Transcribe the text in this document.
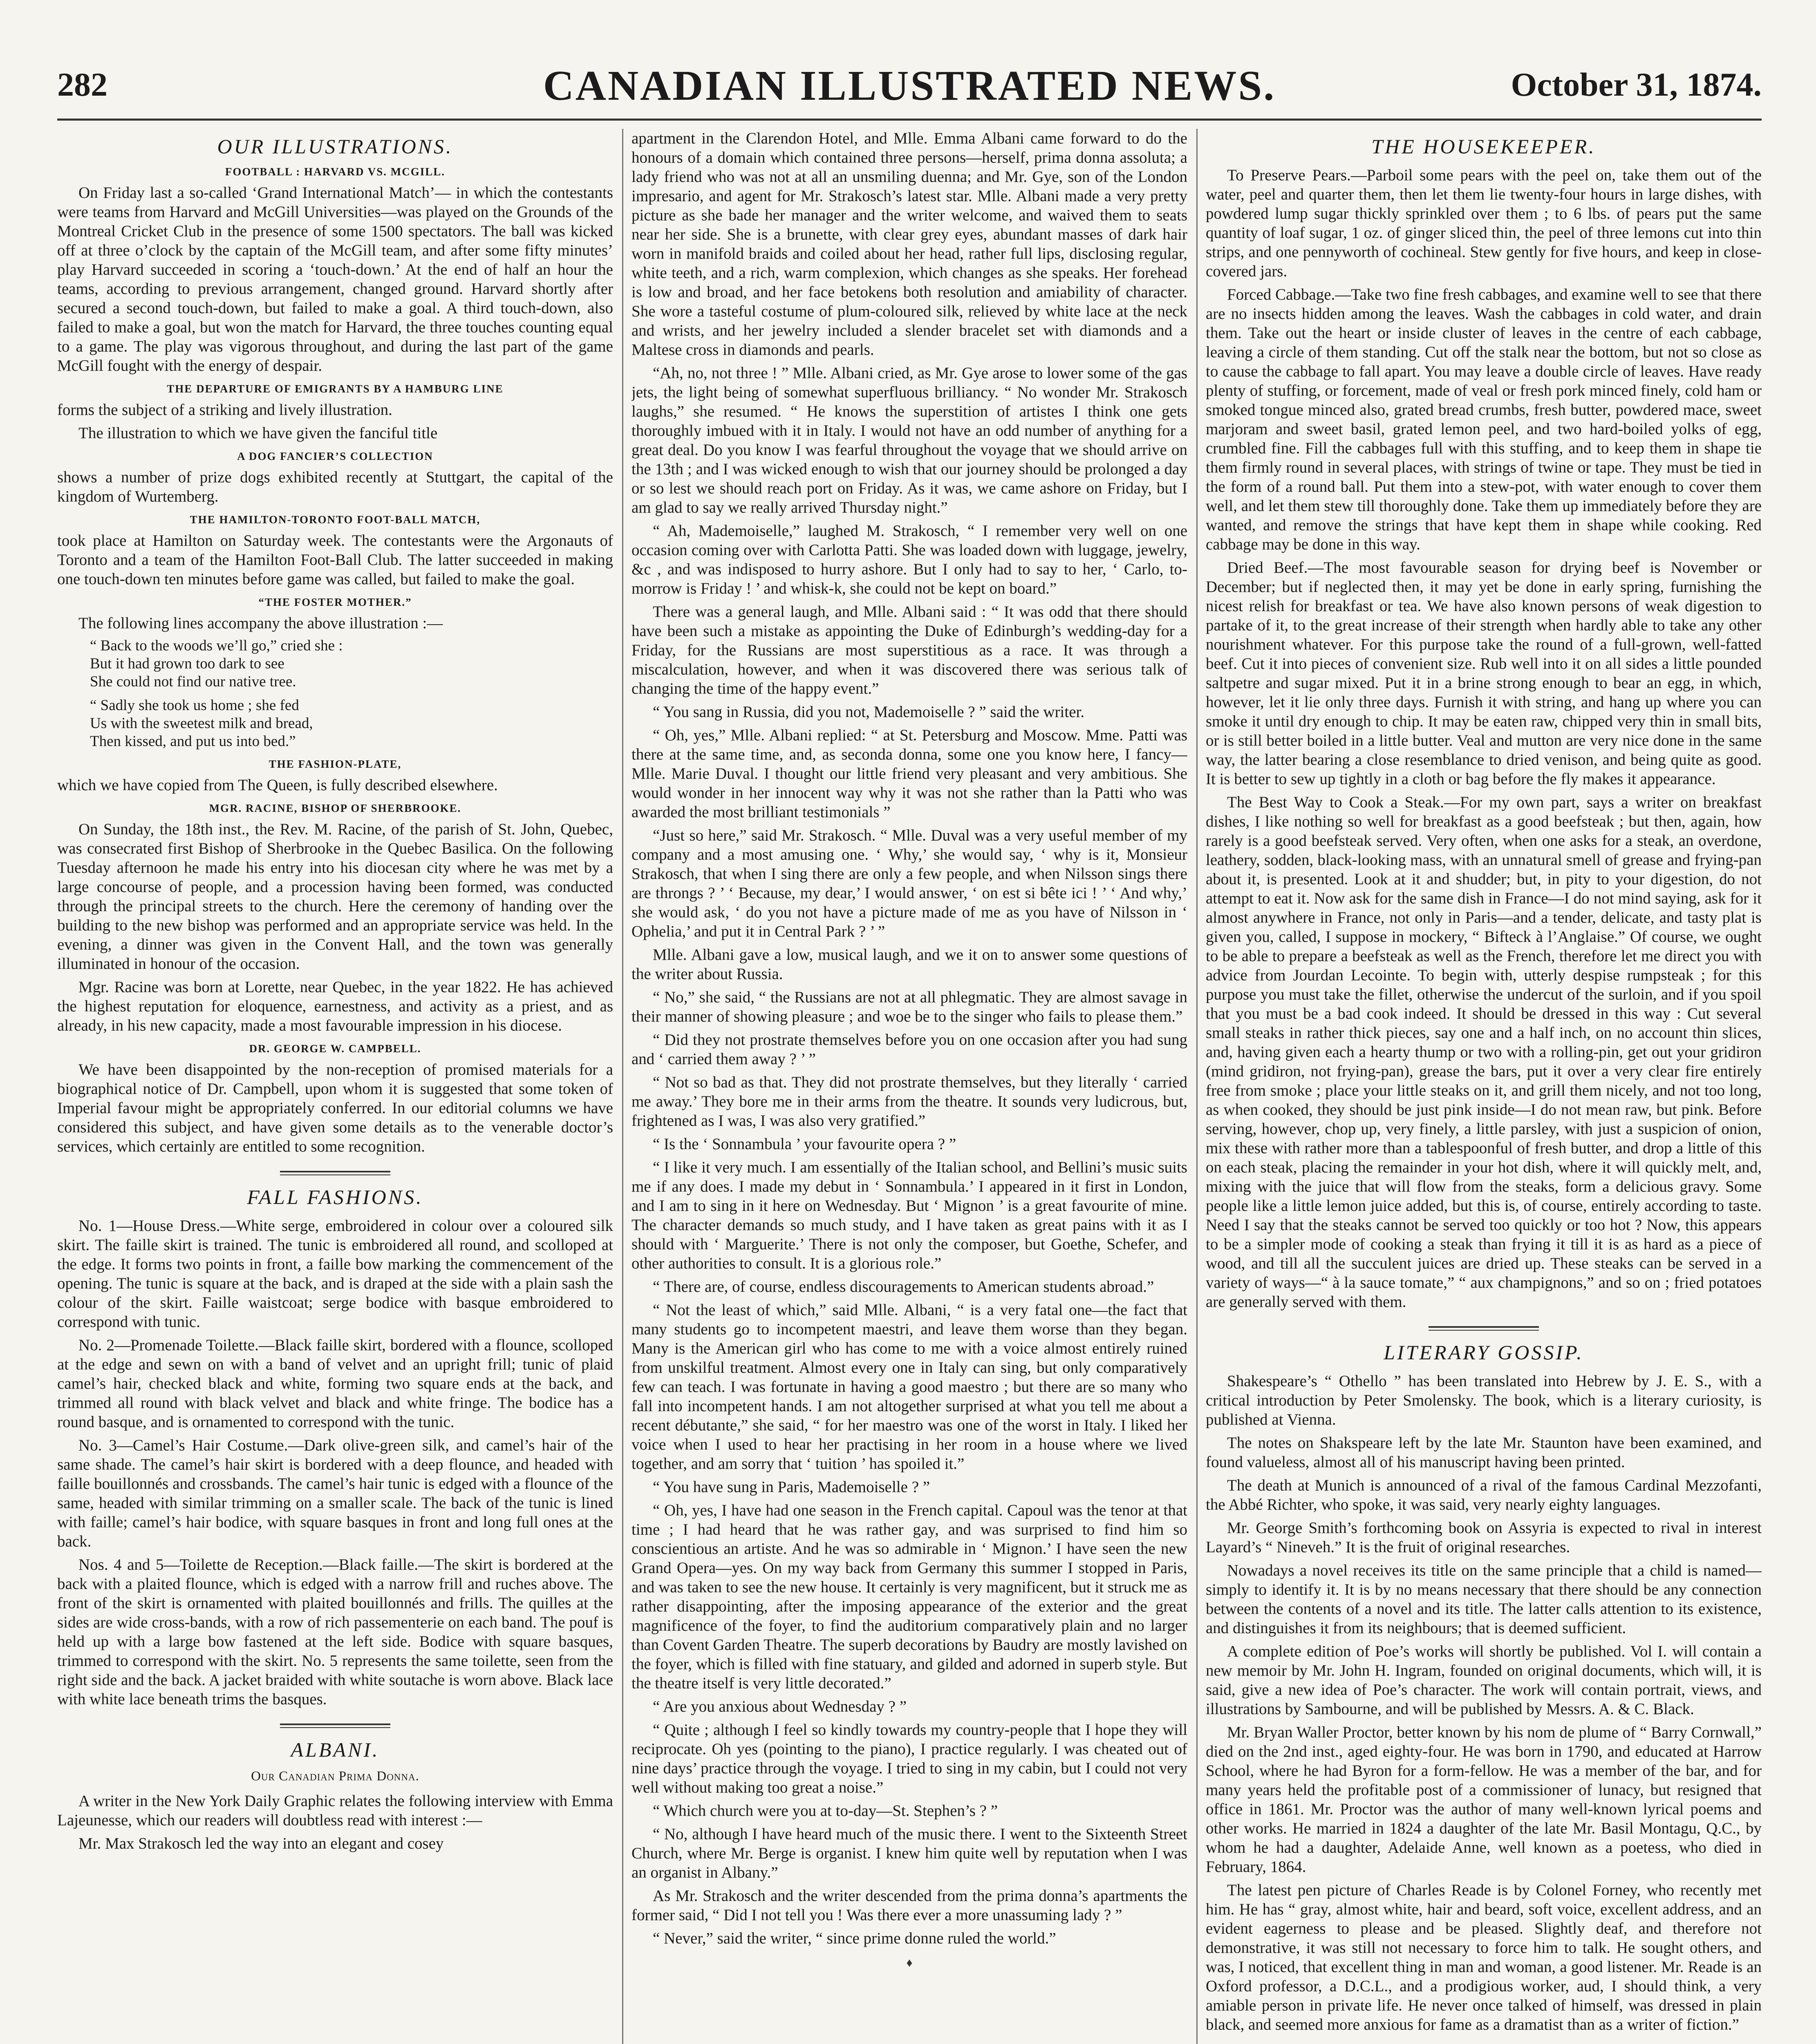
282	CANADIAN ILLUSTRATED NEWS.	October 31, 1874.
OUR ILLUSTRATIONS.
FOOTBALL : HARVARD VS. MCGILL.

On Friday last a so-called ‘Grand International Match’— in which the contestants were teams from Harvard and McGill Universities—was played on the Grounds of the Montreal Cricket Club in the presence of some 1500 spectators. The ball was kicked off at three o’clock by the captain of the McGill team, and after some fifty minutes’ play Harvard succeeded in scoring a ‘touch-down.’ At the end of half an hour the teams, according to previous arrangement, changed ground. Harvard shortly after secured a second touch-down, but failed to make a goal. A third touch-down, also failed to make a goal, but won the match for Harvard, the three touches counting equal to a game. The play was vigorous throughout, and during the last part of the game McGill fought with the energy of despair.

THE DEPARTURE OF EMIGRANTS BY A HAMBURG LINE

forms the subject of a striking and lively illustration.

The illustration to which we have given the fanciful title

A DOG FANCIER’S COLLECTION

shows a number of prize dogs exhibited recently at Stuttgart, the capital of the kingdom of Wurtemberg.

THE HAMILTON-TORONTO FOOT-BALL MATCH,

took place at Hamilton on Saturday week. The contestants were the Argonauts of Toronto and a team of the Hamilton Foot-Ball Club. The latter succeeded in making one touch-down ten minutes before game was called, but failed to make the goal.

“THE FOSTER MOTHER.”

The following lines accompany the above illustration :—

“ Back to the woods we’ll go,” cried she :
But it had grown too dark to see
She could not find our native tree.
“ Sadly she took us home ; she fed
Us with the sweetest milk and bread,
Then kissed, and put us into bed.”
THE FASHION-PLATE,

which we have copied from The Queen, is fully described elsewhere.

MGR. RACINE, BISHOP OF SHERBROOKE.

On Sunday, the 18th inst., the Rev. M. Racine, of the parish of St. John, Quebec, was consecrated first Bishop of Sherbrooke in the Quebec Basilica. On the following Tuesday afternoon he made his entry into his diocesan city where he was met by a large concourse of people, and a procession having been formed, was conducted through the principal streets to the church. Here the ceremony of handing over the building to the new bishop was performed and an appropriate service was held. In the evening, a dinner was given in the Convent Hall, and the town was generally illuminated in honour of the occasion.

Mgr. Racine was born at Lorette, near Quebec, in the year 1822. He has achieved the highest reputation for eloquence, earnestness, and activity as a priest, and as already, in his new capacity, made a most favourable impression in his diocese.

DR. GEORGE W. CAMPBELL.

We have been disappointed by the non-reception of promised materials for a biographical notice of Dr. Campbell, upon whom it is suggested that some token of Imperial favour might be appropriately conferred. In our editorial columns we have considered this subject, and have given some details as to the venerable doctor’s services, which certainly are entitled to some recognition.

FALL FASHIONS.

No. 1—House Dress.—White serge, embroidered in colour over a coloured silk skirt. The faille skirt is trained. The tunic is embroidered all round, and scolloped at the edge. It forms two points in front, a faille bow marking the commencement of the opening. The tunic is square at the back, and is draped at the side with a plain sash the colour of the skirt. Faille waistcoat; serge bodice with basque embroidered to correspond with tunic.

No. 2—Promenade Toilette.—Black faille skirt, bordered with a flounce, scolloped at the edge and sewn on with a band of velvet and an upright frill; tunic of plaid camel’s hair, checked black and white, forming two square ends at the back, and trimmed all round with black velvet and black and white fringe. The bodice has a round basque, and is ornamented to correspond with the tunic.

No. 3—Camel’s Hair Costume.—Dark olive-green silk, and camel’s hair of the same shade. The camel’s hair skirt is bordered with a deep flounce, and headed with faille bouillonnés and crossbands. The camel’s hair tunic is edged with a flounce of the same, headed with similar trimming on a smaller scale. The back of the tunic is lined with faille; camel’s hair bodice, with square basques in front and long full ones at the back.

Nos. 4 and 5—Toilette de Reception.—Black faille.—The skirt is bordered at the back with a plaited flounce, which is edged with a narrow frill and ruches above. The front of the skirt is ornamented with plaited bouillonnés and frills. The quilles at the sides are wide cross-bands, with a row of rich passementerie on each band. The pouf is held up with a large bow fastened at the left side. Bodice with square basques, trimmed to correspond with the skirt. No. 5 represents the same toilette, seen from the right side and the back. A jacket braided with white soutache is worn above. Black lace with white lace beneath trims the basques.

ALBANI.
Our Canadian Prima Donna.

A writer in the New York Daily Graphic relates the following interview with Emma Lajeunesse, which our readers will doubtless read with interest :—

Mr. Max Strakosch led the way into an elegant and cosey

apartment in the Clarendon Hotel, and Mlle. Emma Albani came forward to do the honours of a domain which contained three persons—herself, prima donna assoluta; a lady friend who was not at all an unsmiling duenna; and Mr. Gye, son of the London impresario, and agent for Mr. Strakosch’s latest star. Mlle. Albani made a very pretty picture as she bade her manager and the writer welcome, and waived them to seats near her side. She is a brunette, with clear grey eyes, abundant masses of dark hair worn in manifold braids and coiled about her head, rather full lips, disclosing regular, white teeth, and a rich, warm complexion, which changes as she speaks. Her forehead is low and broad, and her face betokens both resolution and amiability of character. She wore a tasteful costume of plum-coloured silk, relieved by white lace at the neck and wrists, and her jewelry included a slender bracelet set with diamonds and a Maltese cross in diamonds and pearls.

“Ah, no, not three ! ” Mlle. Albani cried, as Mr. Gye arose to lower some of the gas jets, the light being of somewhat superfluous brilliancy. “ No wonder Mr. Strakosch laughs,” she resumed. “ He knows the superstition of artistes I think one gets thoroughly imbued with it in Italy. I would not have an odd number of anything for a great deal. Do you know I was fearful throughout the voyage that we should arrive on the 13th ; and I was wicked enough to wish that our journey should be prolonged a day or so lest we should reach port on Friday. As it was, we came ashore on Friday, but I am glad to say we really arrived Thursday night.”

“ Ah, Mademoiselle,” laughed M. Strakosch, “ I remember very well on one occasion coming over with Carlotta Patti. She was loaded down with luggage, jewelry, &c , and was indisposed to hurry ashore. But I only had to say to her, ‘ Carlo, to-morrow is Friday ! ’ and whisk-k, she could not be kept on board.”

There was a general laugh, and Mlle. Albani said : “ It was odd that there should have been such a mistake as appointing the Duke of Edinburgh’s wedding-day for a Friday, for the Russians are most superstitious as a race. It was through a miscalculation, however, and when it was discovered there was serious talk of changing the time of the happy event.”

“ You sang in Russia, did you not, Mademoiselle ? ” said the writer.

“ Oh, yes,” Mlle. Albani replied: “ at St. Petersburg and Moscow. Mme. Patti was there at the same time, and, as seconda donna, some one you know here, I fancy—Mlle. Marie Duval. I thought our little friend very pleasant and very ambitious. She would wonder in her innocent way why it was not she rather than la Patti who was awarded the most brilliant testimonials ”

“Just so here,” said Mr. Strakosch. “ Mlle. Duval was a very useful member of my company and a most amusing one. ‘ Why,’ she would say, ‘ why is it, Monsieur Strakosch, that when I sing there are only a few people, and when Nilsson sings there are throngs ? ’ ‘ Because, my dear,’ I would answer, ‘ on est si bête ici ! ’ ‘ And why,’ she would ask, ‘ do you not have a picture made of me as you have of Nilsson in ‘ Ophelia,’ and put it in Central Park ? ’ ”

Mlle. Albani gave a low, musical laugh, and we it on to answer some questions of the writer about Russia.

“ No,” she said, “ the Russians are not at all phlegmatic. They are almost savage in their manner of showing pleasure ; and woe be to the singer who fails to please them.”

“ Did they not prostrate themselves before you on one occasion after you had sung and ‘ carried them away ? ’ ”

“ Not so bad as that. They did not prostrate themselves, but they literally ‘ carried me away.’ They bore me in their arms from the theatre. It sounds very ludicrous, but, frightened as I was, I was also very gratified.”

“ Is the ‘ Sonnambula ’ your favourite opera ? ”

“ I like it very much. I am essentially of the Italian school, and Bellini’s music suits me if any does. I made my debut in ‘ Sonnambula.’ I appeared in it first in London, and I am to sing in it here on Wednesday. But ‘ Mignon ’ is a great favourite of mine. The character demands so much study, and I have taken as great pains with it as I should with ‘ Marguerite.’ There is not only the composer, but Goethe, Schefer, and other authorities to consult. It is a glorious role.”

“ There are, of course, endless discouragements to American students abroad.”

“ Not the least of which,” said Mlle. Albani, “ is a very fatal one—the fact that many students go to incompetent maestri, and leave them worse than they began. Many is the American girl who has come to me with a voice almost entirely ruined from unskilful treatment. Almost every one in Italy can sing, but only comparatively few can teach. I was fortunate in having a good maestro ; but there are so many who fall into incompetent hands. I am not altogether surprised at what you tell me about a recent débutante,” she said, “ for her maestro was one of the worst in Italy. I liked her voice when I used to hear her practising in her room in a house where we lived together, and am sorry that ‘ tuition ’ has spoiled it.”

“ You have sung in Paris, Mademoiselle ? ”

“ Oh, yes, I have had one season in the French capital. Capoul was the tenor at that time ; I had heard that he was rather gay, and was surprised to find him so conscientious an artiste. And he was so admirable in ‘ Mignon.’ I have seen the new Grand Opera—yes. On my way back from Germany this summer I stopped in Paris, and was taken to see the new house. It certainly is very magnificent, but it struck me as rather disappointing, after the imposing appearance of the exterior and the great magnificence of the foyer, to find the auditorium comparatively plain and no larger than Covent Garden Theatre. The superb decorations by Baudry are mostly lavished on the foyer, which is filled with fine statuary, and gilded and adorned in superb style. But the theatre itself is very little decorated.”

“ Are you anxious about Wednesday ? ”

“ Quite ; although I feel so kindly towards my country-people that I hope they will reciprocate. Oh yes (pointing to the piano), I practice regularly. I was cheated out of nine days’ practice through the voyage. I tried to sing in my cabin, but I could not very well without making too great a noise.”

“ Which church were you at to-day—St. Stephen’s ? ”

“ No, although I have heard much of the music there. I went to the Sixteenth Street Church, where Mr. Berge is organist. I knew him quite well by reputation when I was an organist in Albany.”

As Mr. Strakosch and the writer descended from the prima donna’s apartments the former said, “ Did I not tell you ! Was there ever a more unassuming lady ? ”

“ Never,” said the writer, “ since prime donne ruled the world.”

♦
THE HOUSEKEEPER.

To Preserve Pears.—Parboil some pears with the peel on, take them out of the water, peel and quarter them, then let them lie twenty-four hours in large dishes, with powdered lump sugar thickly sprinkled over them ; to 6 lbs. of pears put the same quantity of loaf sugar, 1 oz. of ginger sliced thin, the peel of three lemons cut into thin strips, and one pennyworth of cochineal. Stew gently for five hours, and keep in close-covered jars.

Forced Cabbage.—Take two fine fresh cabbages, and examine well to see that there are no insects hidden among the leaves. Wash the cabbages in cold water, and drain them. Take out the heart or inside cluster of leaves in the centre of each cabbage, leaving a circle of them standing. Cut off the stalk near the bottom, but not so close as to cause the cabbage to fall apart. You may leave a double circle of leaves. Have ready plenty of stuffing, or forcement, made of veal or fresh pork minced finely, cold ham or smoked tongue minced also, grated bread crumbs, fresh butter, powdered mace, sweet marjoram and sweet basil, grated lemon peel, and two hard-boiled yolks of egg, crumbled fine. Fill the cabbages full with this stuffing, and to keep them in shape tie them firmly round in several places, with strings of twine or tape. They must be tied in the form of a round ball. Put them into a stew-pot, with water enough to cover them well, and let them stew till thoroughly done. Take them up immediately before they are wanted, and remove the strings that have kept them in shape while cooking. Red cabbage may be done in this way.

Dried Beef.—The most favourable season for drying beef is November or December; but if neglected then, it may yet be done in early spring, furnishing the nicest relish for breakfast or tea. We have also known persons of weak digestion to partake of it, to the great increase of their strength when hardly able to take any other nourishment whatever. For this purpose take the round of a full-grown, well-fatted beef. Cut it into pieces of convenient size. Rub well into it on all sides a little pounded saltpetre and sugar mixed. Put it in a brine strong enough to bear an egg, in which, however, let it lie only three days. Furnish it with string, and hang up where you can smoke it until dry enough to chip. It may be eaten raw, chipped very thin in small bits, or is still better boiled in a little butter. Veal and mutton are very nice done in the same way, the latter bearing a close resemblance to dried venison, and being quite as good. It is better to sew up tightly in a cloth or bag before the fly makes it appearance.

The Best Way to Cook a Steak.—For my own part, says a writer on breakfast dishes, I like nothing so well for breakfast as a good beefsteak ; but then, again, how rarely is a good beefsteak served. Very often, when one asks for a steak, an overdone, leathery, sodden, black-looking mass, with an unnatural smell of grease and frying-pan about it, is presented. Look at it and shudder; but, in pity to your digestion, do not attempt to eat it. Now ask for the same dish in France—I do not mind saying, ask for it almost anywhere in France, not only in Paris—and a tender, delicate, and tasty plat is given you, called, I suppose in mockery, “ Bifteck à l’Anglaise.” Of course, we ought to be able to prepare a beefsteak as well as the French, therefore let me direct you with advice from Jourdan Lecointe. To begin with, utterly despise rumpsteak ; for this purpose you must take the fillet, otherwise the undercut of the surloin, and if you spoil that you must be a bad cook indeed. It should be dressed in this way : Cut several small steaks in rather thick pieces, say one and a half inch, on no account thin slices, and, having given each a hearty thump or two with a rolling-pin, get out your gridiron (mind gridiron, not frying-pan), grease the bars, put it over a very clear fire entirely free from smoke ; place your little steaks on it, and grill them nicely, and not too long, as when cooked, they should be just pink inside—I do not mean raw, but pink. Before serving, however, chop up, very finely, a little parsley, with just a suspicion of onion, mix these with rather more than a tablespoonful of fresh butter, and drop a little of this on each steak, placing the remainder in your hot dish, where it will quickly melt, and, mixing with the juice that will flow from the steaks, form a delicious gravy. Some people like a little lemon juice added, but this is, of course, entirely according to taste. Need I say that the steaks cannot be served too quickly or too hot ? Now, this appears to be a simpler mode of cooking a steak than frying it till it is as hard as a piece of wood, and till all the succulent juices are dried up. These steaks can be served in a variety of ways—“ à la sauce tomate,” “ aux champignons,” and so on ; fried potatoes are generally served with them.

LITERARY GOSSIP.

Shakespeare’s “ Othello ” has been translated into Hebrew by J. E. S., with a critical introduction by Peter Smolensky. The book, which is a literary curiosity, is published at Vienna.

The notes on Shakspeare left by the late Mr. Staunton have been examined, and found valueless, almost all of his manuscript having been printed.

The death at Munich is announced of a rival of the famous Cardinal Mezzofanti, the Abbé Richter, who spoke, it was said, very nearly eighty languages.

Mr. George Smith’s forthcoming book on Assyria is expected to rival in interest Layard’s “ Nineveh.” It is the fruit of original researches.

Nowadays a novel receives its title on the same principle that a child is named—simply to identify it. It is by no means necessary that there should be any connection between the contents of a novel and its title. The latter calls attention to its existence, and distinguishes it from its neighbours; that is deemed sufficient.

A complete edition of Poe’s works will shortly be published. Vol I. will contain a new memoir by Mr. John H. Ingram, founded on original documents, which will, it is said, give a new idea of Poe’s character. The work will contain portrait, views, and illustrations by Sambourne, and will be published by Messrs. A. & C. Black.

Mr. Bryan Waller Proctor, better known by his nom de plume of “ Barry Cornwall,” died on the 2nd inst., aged eighty-four. He was born in 1790, and educated at Harrow School, where he had Byron for a form-fellow. He was a member of the bar, and for many years held the profitable post of a commissioner of lunacy, but resigned that office in 1861. Mr. Proctor was the author of many well-known lyrical poems and other works. He married in 1824 a daughter of the late Mr. Basil Montagu, Q.C., by whom he had a daughter, Adelaide Anne, well known as a poetess, who died in February, 1864.

The latest pen picture of Charles Reade is by Colonel Forney, who recently met him. He has “ gray, almost white, hair and beard, soft voice, excellent address, and an evident eagerness to please and be pleased. Slightly deaf, and therefore not demonstrative, it was still not necessary to force him to talk. He sought others, and was, I noticed, that excellent thing in man and woman, a good listener. Mr. Reade is an Oxford professor, a D.C.L., and a prodigious worker, aud, I should think, a very amiable person in private life. He never once talked of himself, was dressed in plain black, and seemed more anxious for fame as a dramatist than as a writer of fiction.”
